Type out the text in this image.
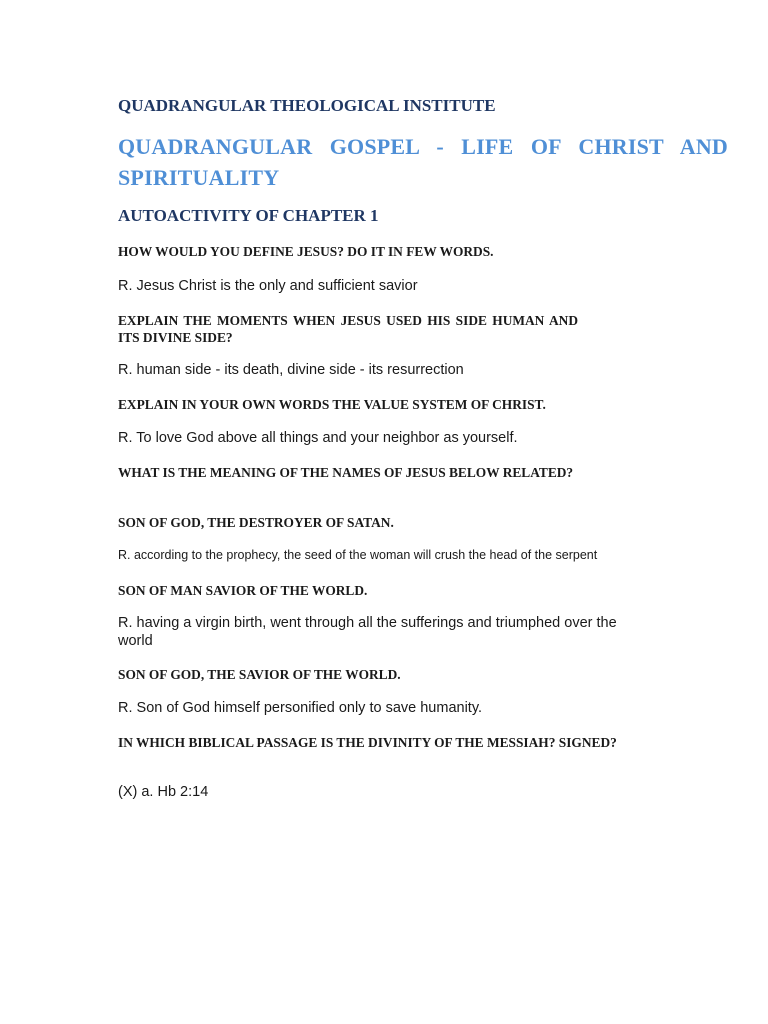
QUADRANGULAR THEOLOGICAL INSTITUTE
QUADRANGULAR GOSPEL - LIFE OF CHRIST AND SPIRITUALITY
AUTOACTIVITY OF CHAPTER 1
HOW WOULD YOU DEFINE JESUS? DO IT IN FEW WORDS.
R. Jesus Christ is the only and sufficient savior
EXPLAIN THE MOMENTS WHEN JESUS USED HIS SIDE HUMAN AND ITS DIVINE SIDE?
R. human side - its death, divine side - its resurrection
EXPLAIN IN YOUR OWN WORDS THE VALUE SYSTEM OF CHRIST.
R. To love God above all things and your neighbor as yourself.
WHAT IS THE MEANING OF THE NAMES OF JESUS BELOW RELATED?
SON OF GOD, THE DESTROYER OF SATAN.
R. according to the prophecy, the seed of the woman will crush the head of the serpent
SON OF MAN SAVIOR OF THE WORLD.
R. having a virgin birth, went through all the sufferings and triumphed over the world
SON OF GOD, THE SAVIOR OF THE WORLD.
R. Son of God himself personified only to save humanity.
IN WHICH BIBLICAL PASSAGE IS THE DIVINITY OF THE MESSIAH? SIGNED?
(X) a. Hb 2:14
